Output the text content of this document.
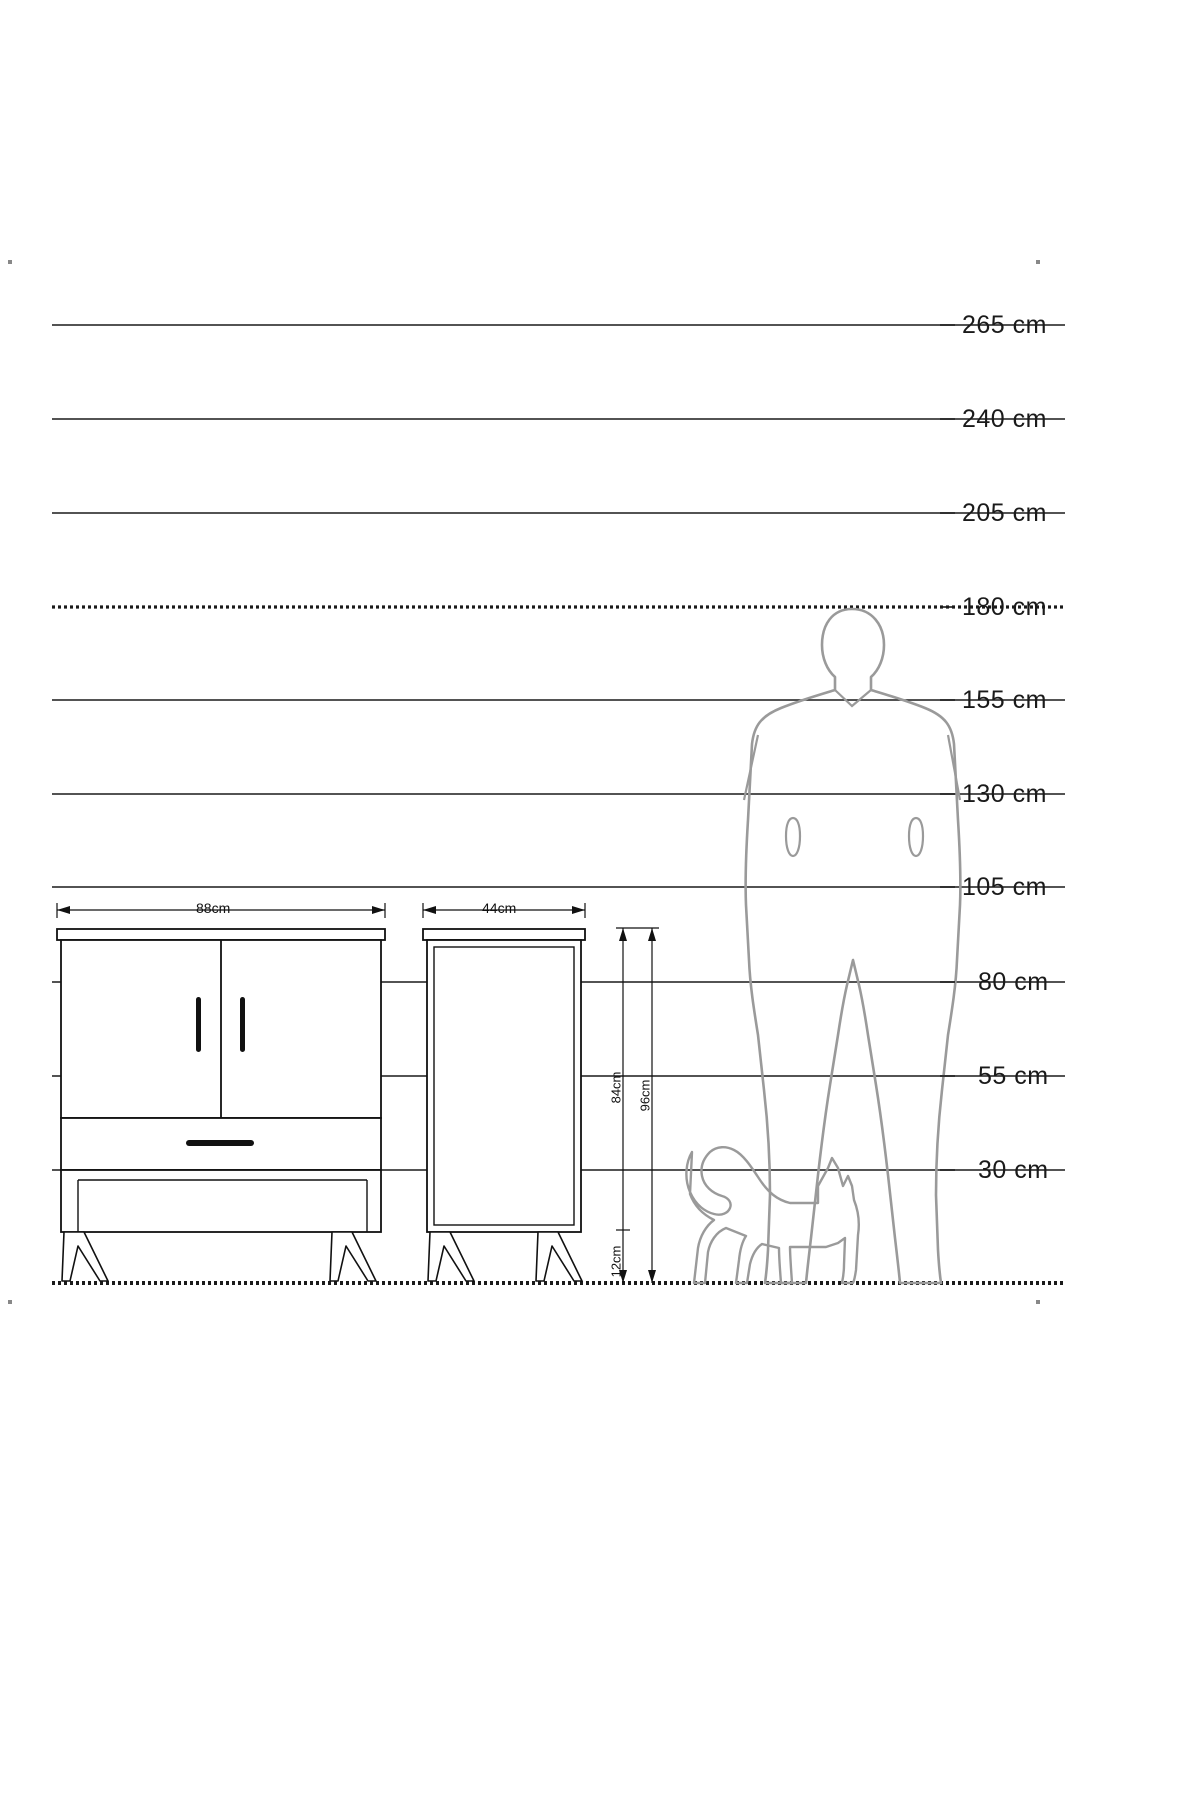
265 cm
240 cm
205 cm
180 cm
155 cm
130 cm
105 cm
80 cm
55 cm
30 cm
88cm	44cm
84cm 96cm
12cm
